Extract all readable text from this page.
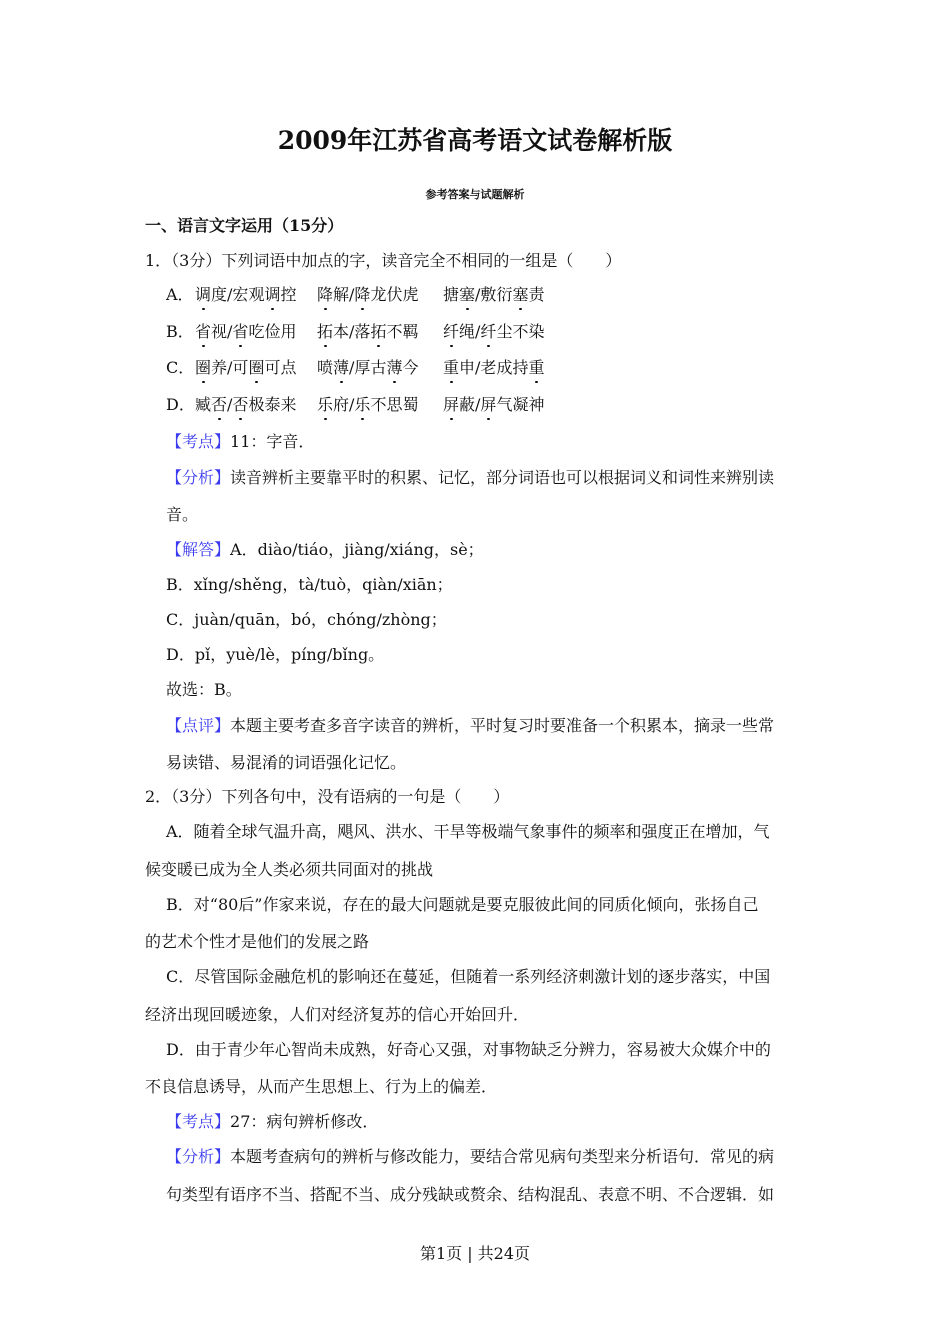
2009年江苏省高考语文试卷解析版
参考答案与试题解析
一、语言文字运用（15分）
1．（3分）下列词语中加点的字，读音完全不相同的一组是（　　）
A． 调度/宏观调控 降解/降龙伏虎 搪塞/敷衍塞责
B． 省视/省吃俭用 拓本/落拓不羁 纤绳/纤尘不染
C． 圈养/可圈可点 喷薄/厚古薄今 重申/老成持重
D． 臧否/否极泰来 乐府/乐不思蜀 屏蔽/屏气凝神
【考点】11：字音．
【分析】读音辨析主要靠平时的积累、记忆，部分词语也可以根据词义和词性来辨别读
音。
【解答】A．diào/tiáo，jiàng/xiáng，sè；
B．xǐng/shěng，tà/tuò，qiàn/xiān；
C．juàn/quān，bó，chóng/zhòng；
D．pǐ，yuè/lè，píng/bǐng。
故选：B。
【点评】本题主要考查多音字读音的辨析，平时复习时要准备一个积累本，摘录一些常
易读错、易混淆的词语强化记忆。
2．（3分）下列各句中，没有语病的一句是（　　）
A．随着全球气温升高，飓风、洪水、干旱等极端气象事件的频率和强度正在增加，气
候变暖已成为全人类必须共同面对的挑战
B．对“80后”作家来说，存在的最大问题就是要克服彼此间的同质化倾向，张扬自己
的艺术个性才是他们的发展之路
C．尽管国际金融危机的影响还在蔓延，但随着一系列经济刺激计划的逐步落实，中国
经济出现回暖迹象，人们对经济复苏的信心开始回升．
D．由于青少年心智尚未成熟，好奇心又强，对事物缺乏分辨力，容易被大众媒介中的
不良信息诱导，从而产生思想上、行为上的偏差．
【考点】27：病句辨析修改．
【分析】本题考查病句的辨析与修改能力，要结合常见病句类型来分析语句．常见的病
句类型有语序不当、搭配不当、成分残缺或赘余、结构混乱、表意不明、不合逻辑．如
第1页 | 共24页
